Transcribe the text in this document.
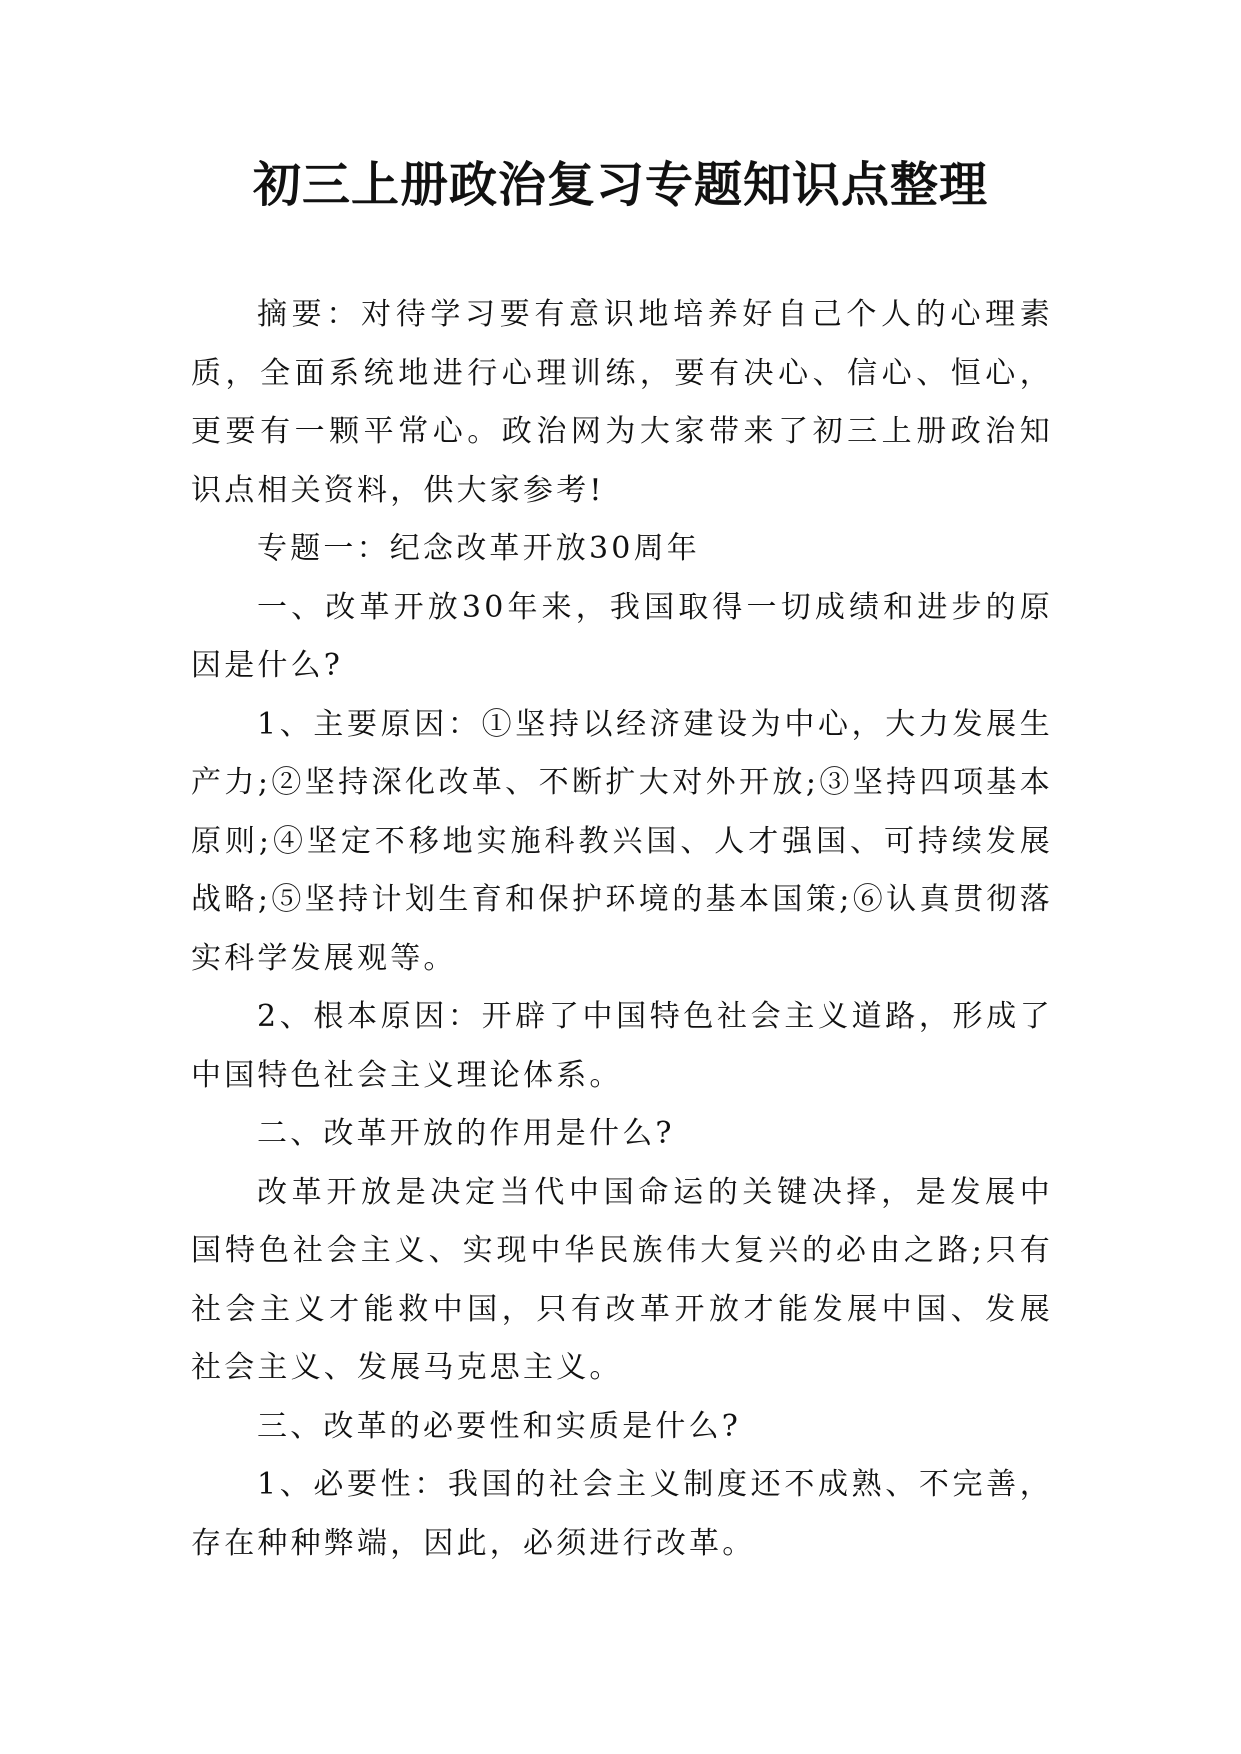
初三上册政治复习专题知识点整理

摘要：对待学习要有意识地培养好自己个人的心理素质，全面系统地进行心理训练，要有决心、信心、恒心，更要有一颗平常心。政治网为大家带来了初三上册政治知识点相关资料，供大家参考!

专题一：纪念改革开放30周年

一、改革开放30年来，我国取得一切成绩和进步的原因是什么?

1、主要原因：①坚持以经济建设为中心，大力发展生产力;②坚持深化改革、不断扩大对外开放;③坚持四项基本原则;④坚定不移地实施科教兴国、人才强国、可持续发展战略;⑤坚持计划生育和保护环境的基本国策;⑥认真贯彻落实科学发展观等。

2、根本原因：开辟了中国特色社会主义道路，形成了中国特色社会主义理论体系。

二、改革开放的作用是什么?

改革开放是决定当代中国命运的关键决择，是发展中国特色社会主义、实现中华民族伟大复兴的必由之路;只有社会主义才能救中国，只有改革开放才能发展中国、发展社会主义、发展马克思主义。

三、改革的必要性和实质是什么?

1、必要性：我国的社会主义制度还不成熟、不完善，存在种种弊端，因此，必须进行改革。
